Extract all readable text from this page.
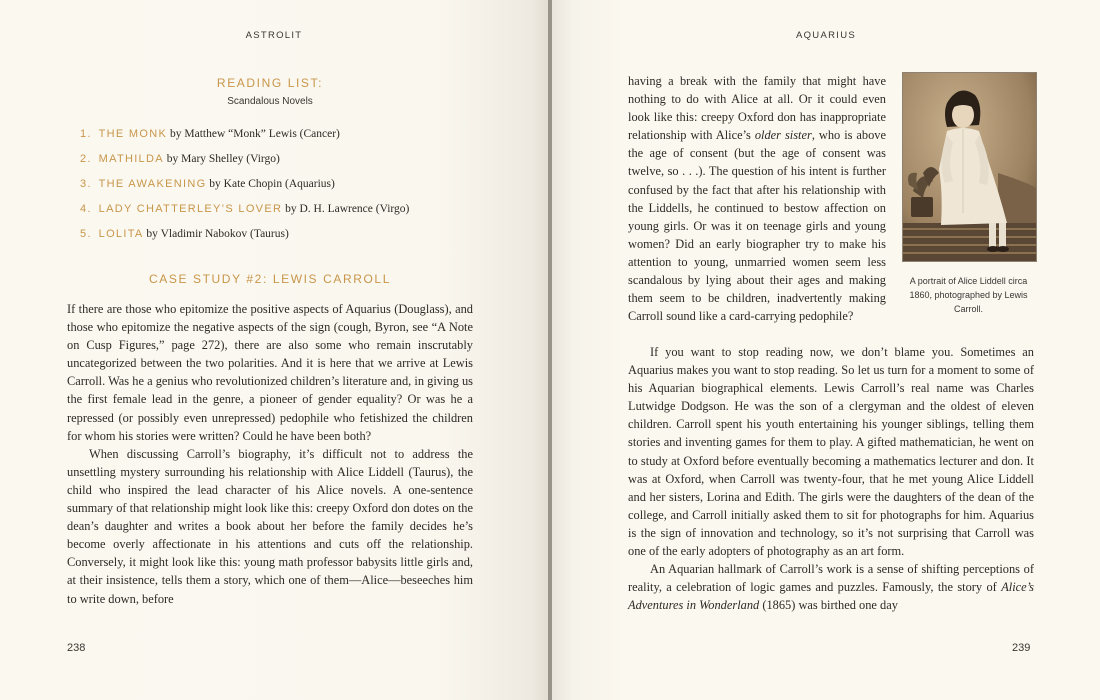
ASTROLIT
READING LIST:
Scandalous Novels
1. THE MONK by Matthew “Monk” Lewis (Cancer)
2. MATHILDA by Mary Shelley (Virgo)
3. THE AWAKENING by Kate Chopin (Aquarius)
4. LADY CHATTERLEY’S LOVER by D. H. Lawrence (Virgo)
5. LOLITA by Vladimir Nabokov (Taurus)
CASE STUDY #2: LEWIS CARROLL

If there are those who epitomize the positive aspects of Aquarius (Douglass), and those who epitomize the negative aspects of the sign (cough, Byron, see “A Note on Cusp Figures,” page 272), there are also some who remain inscrutably uncategorized between the two polarities. And it is here that we arrive at Lewis Carroll. Was he a genius who revolutionized children’s literature and, in giving us the first female lead in the genre, a pioneer of gender equality? Or was he a repressed (or possibly even unrepressed) pedophile who fetishized the children for whom his stories were written? Could he have been both?

When discussing Carroll’s biography, it’s difficult not to address the unsettling mystery surrounding his relationship with Alice Liddell (Taurus), the child who inspired the lead character of his Alice novels. A one-sentence summary of that relationship might look like this: creepy Oxford don dotes on the dean’s daughter and writes a book about her before the family decides he’s become overly affectionate in his attentions and cuts off the relationship. Conversely, it might look like this: young math professor babysits little girls and, at their insistence, tells them a story, which one of them—Alice—beseeches him to write down, before

238
AQUARIUS

having a break with the family that might have nothing to do with Alice at all. Or it could even look like this: creepy Oxford don has inappropriate relationship with Alice’s older sister, who is above the age of consent (but the age of consent was twelve, so . . .). The question of his intent is further confused by the fact that after his relationship with the Liddells, he continued to bestow affection on young girls. Or was it on teenage girls and young women? Did an early biographer try to make his attention to young, unmarried women seem less scandalous by lying about their ages and making them seem to be children, inadvertently making Carroll sound like a card-carrying pedophile?

A portrait of Alice Liddell circa 1860, photographed by Lewis Carroll.

If you want to stop reading now, we don’t blame you. Sometimes an Aquarius makes you want to stop reading. So let us turn for a moment to some of his Aquarian biographical elements. Lewis Carroll’s real name was Charles Lutwidge Dodgson. He was the son of a clergyman and the oldest of eleven children. Carroll spent his youth entertaining his younger siblings, telling them stories and inventing games for them to play. A gifted mathematician, he went on to study at Oxford before eventually becoming a mathematics lecturer and don. It was at Oxford, when Carroll was twenty-four, that he met young Alice Liddell and her sisters, Lorina and Edith. The girls were the daughters of the dean of the college, and Carroll initially asked them to sit for photographs for him. Aquarius is the sign of innovation and technology, so it’s not surprising that Carroll was one of the early adopters of photography as an art form.

An Aquarian hallmark of Carroll’s work is a sense of shifting perceptions of reality, a celebration of logic games and puzzles. Famously, the story of Alice’s Adventures in Wonderland (1865) was birthed one day

239
